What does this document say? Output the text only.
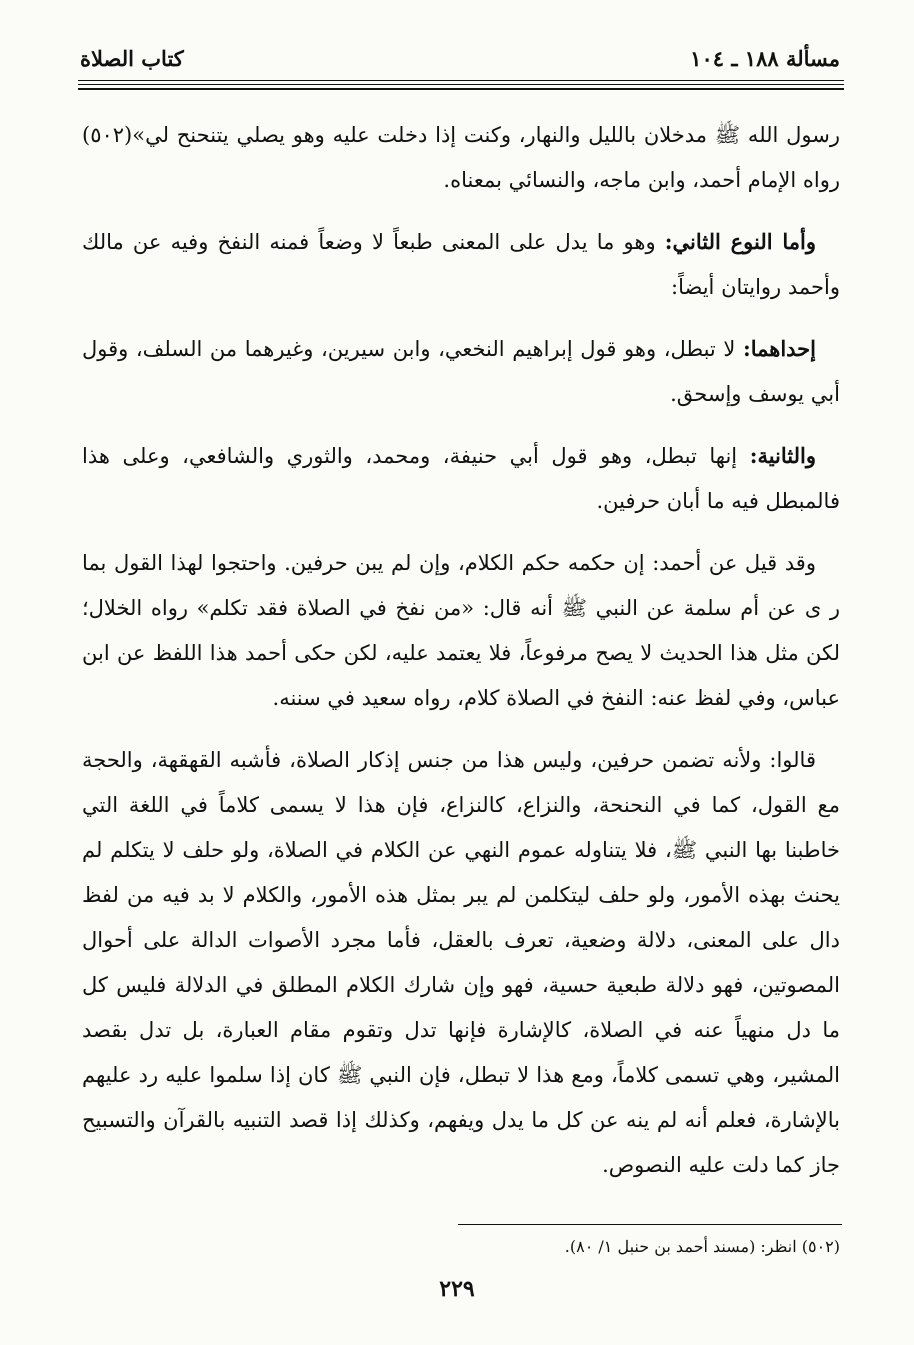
مسألة ١٨٨ ـ ١٠٤
كتاب الصلاة

رسول الله ﷺ مدخلان بالليل والنهار، وكنت إذا دخلت عليه وهو يصلي يتنحنح لي»(٥٠٢) رواه الإمام أحمد، وابن ماجه، والنسائي بمعناه.

وأما النوع الثاني: وهو ما يدل على المعنى طبعاً لا وضعاً فمنه النفخ وفيه عن مالك وأحمد روايتان أيضاً:

إحداهما: لا تبطل، وهو قول إبراهيم النخعي، وابن سيرين، وغيرهما من السلف، وقول أبي يوسف وإسحق.

والثانية: إنها تبطل، وهو قول أبي حنيفة، ومحمد، والثوري والشافعي، وعلى هذا فالمبطل فيه ما أبان حرفين.

وقد قيل عن أحمد: إن حكمه حكم الكلام، وإن لم يبن حرفين. واحتجوا لهذا القول بما ر ى عن أم سلمة عن النبي ﷺ أنه قال: «من نفخ في الصلاة فقد تكلم» رواه الخلال؛ لكن مثل هذا الحديث لا يصح مرفوعاً، فلا يعتمد عليه، لكن حكى أحمد هذا اللفظ عن ابن عباس، وفي لفظ عنه: النفخ في الصلاة كلام، رواه سعيد في سننه.

قالوا: ولأنه تضمن حرفين، وليس هذا من جنس إذكار الصلاة، فأشبه القهقهة، والحجة مع القول، كما في النحنحة، والنزاع، كالنزاع، فإن هذا لا يسمى كلاماً في اللغة التي خاطبنا بها النبي ﷺ، فلا يتناوله عموم النهي عن الكلام في الصلاة، ولو حلف لا يتكلم لم يحنث بهذه الأمور، ولو حلف ليتكلمن لم يبر بمثل هذه الأمور، والكلام لا بد فيه من لفظ دال على المعنى، دلالة وضعية، تعرف بالعقل، فأما مجرد الأصوات الدالة على أحوال المصوتين، فهو دلالة طبعية حسية، فهو وإن شارك الكلام المطلق في الدلالة فليس كل ما دل منهياً عنه في الصلاة، كالإشارة فإنها تدل وتقوم مقام العبارة، بل تدل بقصد المشير، وهي تسمى كلاماً، ومع هذا لا تبطل، فإن النبي ﷺ كان إذا سلموا عليه رد عليهم بالإشارة، فعلم أنه لم ينه عن كل ما يدل ويفهم، وكذلك إذا قصد التنبيه بالقرآن والتسبيح جاز كما دلت عليه النصوص.

(٥٠٢) انظر: (مسند أحمد بن حنبل ١/ ٨٠).
٢٢٩
